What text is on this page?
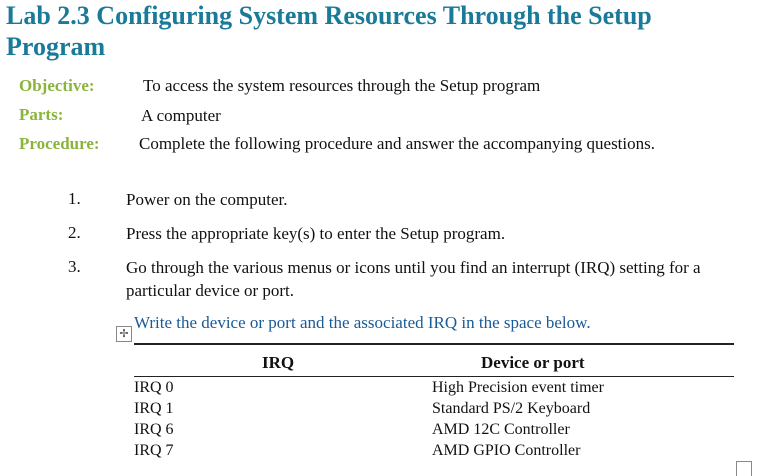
Lab 2.3 Configuring System Resources Through the Setup Program
Objective:	To access the system resources through the Setup program
Parts:	A computer
Procedure: Complete the following procedure and answer the accompanying questions.
1.	Power on the computer.
2.	Press the appropriate key(s) to enter the Setup program.
3.	Go through the various menus or icons until you find an interrupt (IRQ) setting for a particular device or port.
✢
Write the device or port and the associated IRQ in the space below.
IRQ	Device or port
IRQ 0	High Precision event timer
IRQ 1	Standard PS/2 Keyboard
IRQ 6	AMD 12C Controller
IRQ 7	AMD GPIO Controller
